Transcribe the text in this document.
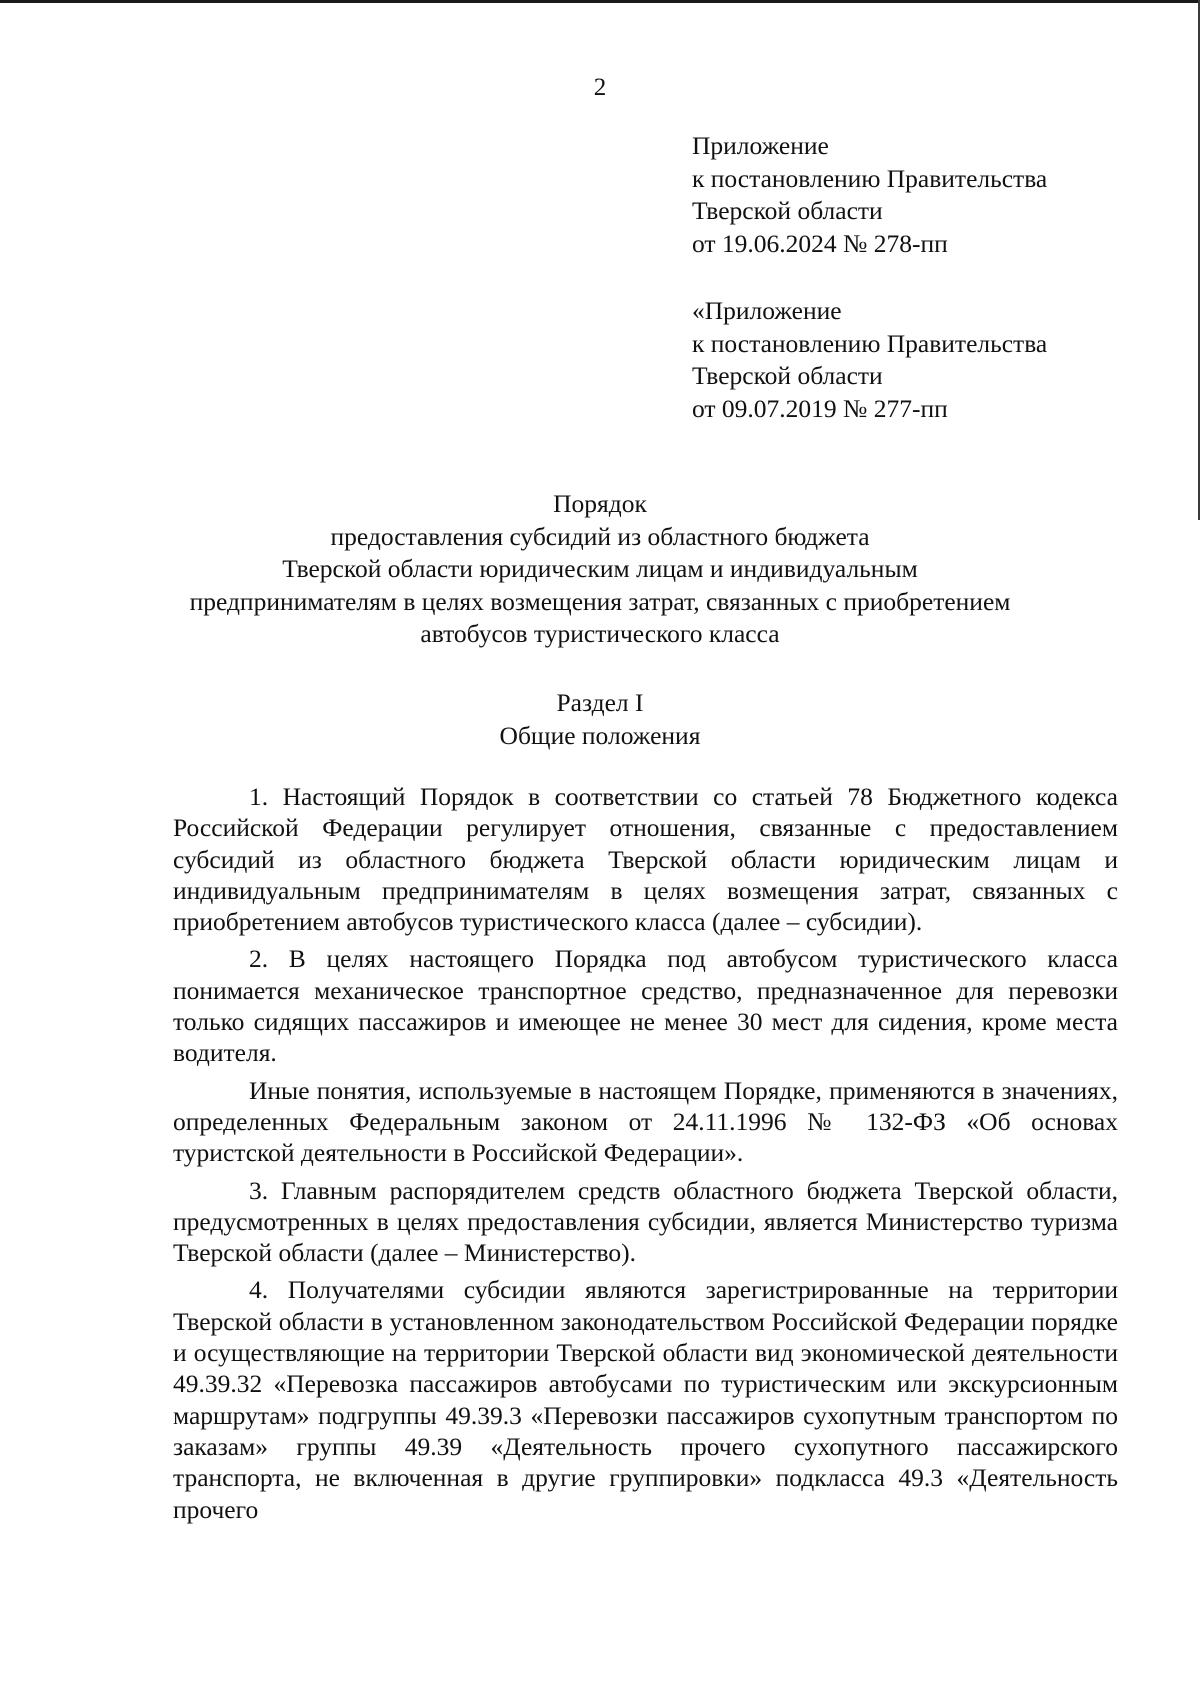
2
Приложение
к постановлению Правительства
Тверской области
от 19.06.2024 № 278-пп
«Приложение
к постановлению Правительства
Тверской области
от 09.07.2019 № 277-пп
Порядок
предоставления субсидий из областного бюджета
Тверской области юридическим лицам и индивидуальным
предпринимателям в целях возмещения затрат, связанных с приобретением
автобусов туристического класса
Раздел I
Общие положения

1. Настоящий Порядок в соответствии со статьей 78 Бюджетного кодекса Российской Федерации регулирует отношения, связанные с предоставлением субсидий из областного бюджета Тверской области юридическим лицам и индивидуальным предпринимателям в целях возмещения затрат, связанных с приобретением автобусов туристического класса (далее – субсидии).

2. В целях настоящего Порядка под автобусом туристического класса понимается механическое транспортное средство, предназначенное для перевозки только сидящих пассажиров и имеющее не менее 30 мест для сидения, кроме места водителя.

Иные понятия, используемые в настоящем Порядке, применяются в значениях, определенных Федеральным законом от 24.11.1996 № 132-ФЗ «Об основах туристской деятельности в Российской Федерации».

3. Главным распорядителем средств областного бюджета Тверской области, предусмотренных в целях предоставления субсидии, является Министерство туризма Тверской области (далее – Министерство).

4. Получателями субсидии являются зарегистрированные на территории Тверской области в установленном законодательством Российской Федерации порядке и осуществляющие на территории Тверской области вид экономической деятельности 49.39.32 «Перевозка пассажиров автобусами по туристическим или экскурсионным маршрутам» подгруппы 49.39.3 «Перевозки пассажиров сухопутным транспортом по заказам» группы 49.39 «Деятельность прочего сухопутного пассажирского транспорта, не включенная в другие группировки» подкласса 49.3 «Деятельность прочего
